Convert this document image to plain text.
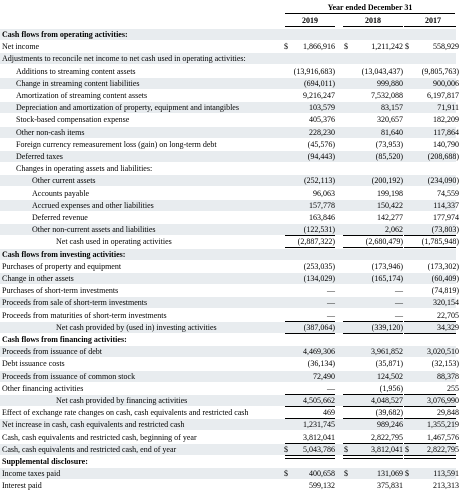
Year ended December 31
2019	2018	2017
Cash flows from operating activities:
Net income	$	1,866,916 $	1,211,242 $	558,929
Adjustments to reconcile net income to net cash used in operating activities:
Additions to streaming content assets	(13,916,683)	(13,043,437)	(9,805,763)
Change in streaming content liabilities	(694,011)	999,880	900,006
Amortization of streaming content assets	9,216,247	7,532,088	6,197,817
Depreciation and amortization of property, equipment and intangibles	103,579	83,157	71,911
Stock-based compensation expense	405,376	320,657	182,209
Other non-cash items	228,230	81,640	117,864
Foreign currency remeasurement loss (gain) on long-term debt	(45,576)	(73,953)	140,790
Deferred taxes	(94,443)	(85,520)	(208,688)
Changes in operating assets and liabilities:
Other current assets	(252,113)	(200,192)	(234,090)
Accounts payable	96,063	199,198	74,559
Accrued expenses and other liabilities	157,778	150,422	114,337
Deferred revenue	163,846	142,277	177,974
Other non-current assets and liabilities	(122,531)	2,062	(73,803)
Net cash used in operating activities	(2,887,322)	(2,680,479)	(1,785,948)
Cash flows from investing activities:
Purchases of property and equipment	(253,035)	(173,946)	(173,302)
Change in other assets	(134,029)	(165,174)	(60,409)
Purchases of short-term investments	—	—	(74,819)
Proceeds from sale of short-term investments	—	—	320,154
Proceeds from maturities of short-term investments	—	—	22,705
Net cash provided by (used in) investing activities	(387,064)	(339,120)	34,329
Cash flows from financing activities:
Proceeds from issuance of debt	4,469,306	3,961,852	3,020,510
Debt issuance costs	(36,134)	(35,871)	(32,153)
Proceeds from issuance of common stock	72,490	124,502	88,378
Other financing activities	—	(1,956)	255
Net cash provided by financing activities	4,505,662	4,048,527	3,076,990
Effect of exchange rate changes on cash, cash equivalents and restricted cash	469	(39,682)	29,848
Net increase in cash, cash equivalents and restricted cash	1,231,745	989,246	1,355,219
Cash, cash equivalents and restricted cash, beginning of year	3,812,041	2,822,795	1,467,576
Cash, cash equivalents and restricted cash, end of year	$	5,043,786 $	3,812,041 $	2,822,795
Supplemental disclosure:
Income taxes paid	$	400,658 $	131,069 $	113,591
Interest paid	599,132	375,831	213,313
